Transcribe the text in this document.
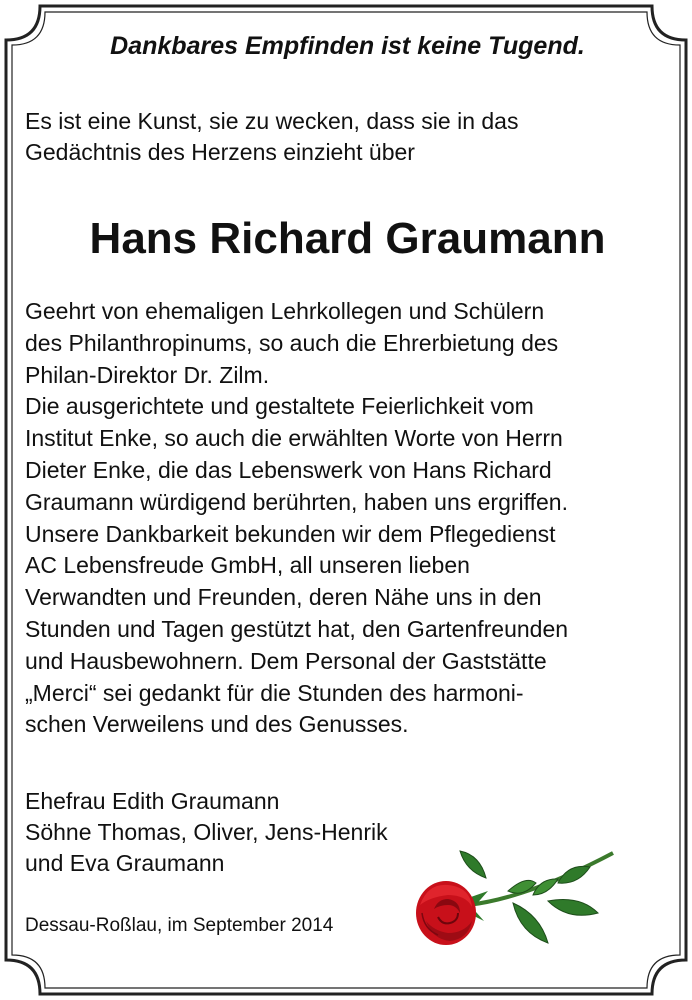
Dankbares Empfinden ist keine Tugend.

Es ist eine Kunst, sie zu wecken, dass sie in das
Gedächtnis des Herzens einzieht über

Hans Richard Graumann

Geehrt von ehemaligen Lehrkollegen und Schülern
des Philanthropinums, so auch die Ehrerbietung des
Philan-Direktor Dr. Zilm.
Die ausgerichtete und gestaltete Feierlichkeit vom
Institut Enke, so auch die erwählten Worte von Herrn
Dieter Enke, die das Lebenswerk von Hans Richard
Graumann würdigend berührten, haben uns ergriffen.
Unsere Dankbarkeit bekunden wir dem Pflegedienst
AC Lebensfreude GmbH, all unseren lieben
Verwandten und Freunden, deren Nähe uns in den
Stunden und Tagen gestützt hat, den Gartenfreunden
und Hausbewohnern. Dem Personal der Gaststätte
„Merci“ sei gedankt für die Stunden des harmoni-
schen Verweilens und des Genusses.

Ehefrau Edith Graumann
Söhne Thomas, Oliver, Jens-Henrik
und Eva Graumann

Dessau-Roßlau, im September 2014
